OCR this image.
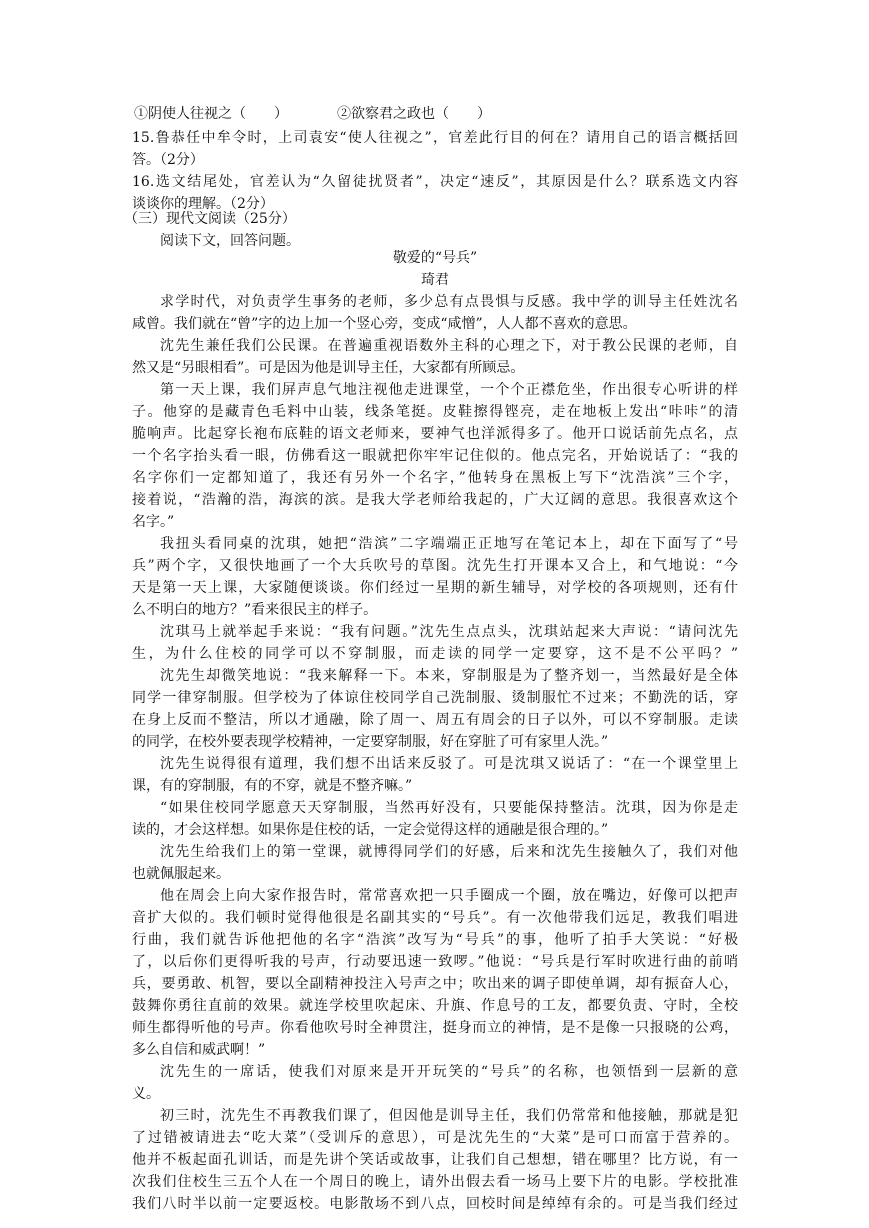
①阴使人往视之（　　）　　　　②欲察君之政也（　　）
15.鲁恭任中牟令时，上司袁安“使人往视之”，官差此行目的何在？请用自己的语言概括回
答。（2分）
16.选文结尾处，官差认为“久留徒扰贤者”，决定“速反”，其原因是什么？联系选文内容
谈谈你的理解。（2分）
（三）现代文阅读（25分）
阅读下文，回答问题。
敬爱的“号兵”
琦君
求学时代，对负责学生事务的老师，多少总有点畏惧与反感。我中学的训导主任姓沈名
咸曾。我们就在“曾”字的边上加一个竖心旁，变成“咸憎”，人人都不喜欢的意思。
沈先生兼任我们公民课。在普遍重视语数外主科的心理之下，对于教公民课的老师，自
然又是“另眼相看”。可是因为他是训导主任，大家都有所顾忌。
第一天上课，我们屏声息气地注视他走进课堂，一个个正襟危坐，作出很专心听讲的样
子。他穿的是藏青色毛料中山装，线条笔挺。皮鞋擦得铿亮，走在地板上发出“咔咔”的清
脆响声。比起穿长袍布底鞋的语文老师来，要神气也洋派得多了。他开口说话前先点名，点
一个名字抬头看一眼，仿佛看这一眼就把你牢牢记住似的。他点完名，开始说话了：“我的
名字你们一定都知道了，我还有另外一个名字，”他转身在黑板上写下“沈浩滨”三个字，
接着说，“浩瀚的浩，海滨的滨。是我大学老师给我起的，广大辽阔的意思。我很喜欢这个
名字。”
我扭头看同桌的沈琪，她把“浩滨”二字端端正正地写在笔记本上，却在下面写了“号
兵”两个字，又很快地画了一个大兵吹号的草图。沈先生打开课本又合上，和气地说：“今
天是第一天上课，大家随便谈谈。你们经过一星期的新生辅导，对学校的各项规则，还有什
么不明白的地方？”看来很民主的样子。
沈琪马上就举起手来说：“我有问题。”沈先生点点头，沈琪站起来大声说：“请问沈先
生，为什么住校的同学可以不穿制服，而走读的同学一定要穿，这不是不公平吗？”
沈先生却微笑地说：“我来解释一下。本来，穿制服是为了整齐划一，当然最好是全体
同学一律穿制服。但学校为了体谅住校同学自己洗制服、烫制服忙不过来；不勤洗的话，穿
在身上反而不整洁，所以才通融，除了周一、周五有周会的日子以外，可以不穿制服。走读
的同学，在校外要表现学校精神，一定要穿制服，好在穿脏了可有家里人洗。”
沈先生说得很有道理，我们想不出话来反驳了。可是沈琪又说话了：“在一个课堂里上
课，有的穿制服，有的不穿，就是不整齐嘛。”
“如果住校同学愿意天天穿制服，当然再好没有，只要能保持整洁。沈琪，因为你是走
读的，才会这样想。如果你是住校的话，一定会觉得这样的通融是很合理的。”
沈先生给我们上的第一堂课，就博得同学们的好感，后来和沈先生接触久了，我们对他
也就佩服起来。
他在周会上向大家作报告时，常常喜欢把一只手圈成一个圈，放在嘴边，好像可以把声
音扩大似的。我们顿时觉得他很是名副其实的“号兵”。有一次他带我们远足，教我们唱进
行曲，我们就告诉他把他的名字“浩滨”改写为“号兵”的事，他听了拍手大笑说：“好极
了，以后你们更得听我的号声，行动要迅速一致啰。”他说：“号兵是行军时吹进行曲的前哨
兵，要勇敢、机智，要以全副精神投注入号声之中；吹出来的调子即使单调，却有振奋人心，
鼓舞你勇往直前的效果。就连学校里吹起床、升旗、作息号的工友，都要负责、守时，全校
师生都得听他的号声。你看他吹号时全神贯注，挺身而立的神情，是不是像一只报晓的公鸡，
多么自信和威武啊！”
沈先生的一席话，使我们对原来是开开玩笑的“号兵”的名称，也领悟到一层新的意
义。
初三时，沈先生不再教我们课了，但因他是训导主任，我们仍常常和他接触，那就是犯
了过错被请进去“吃大菜”（受训斥的意思），可是沈先生的“大菜”是可口而富于营养的。
他并不板起面孔训话，而是先讲个笑话或故事，让我们自己想想，错在哪里？比方说，有一
次我们住校生三五个人在一个周日的晚上，请外出假去看一场马上要下片的电影。学校批准
我们八时半以前一定要返校。电影散场不到八点，回校时间是绰绰有余的。可是当我们经过
